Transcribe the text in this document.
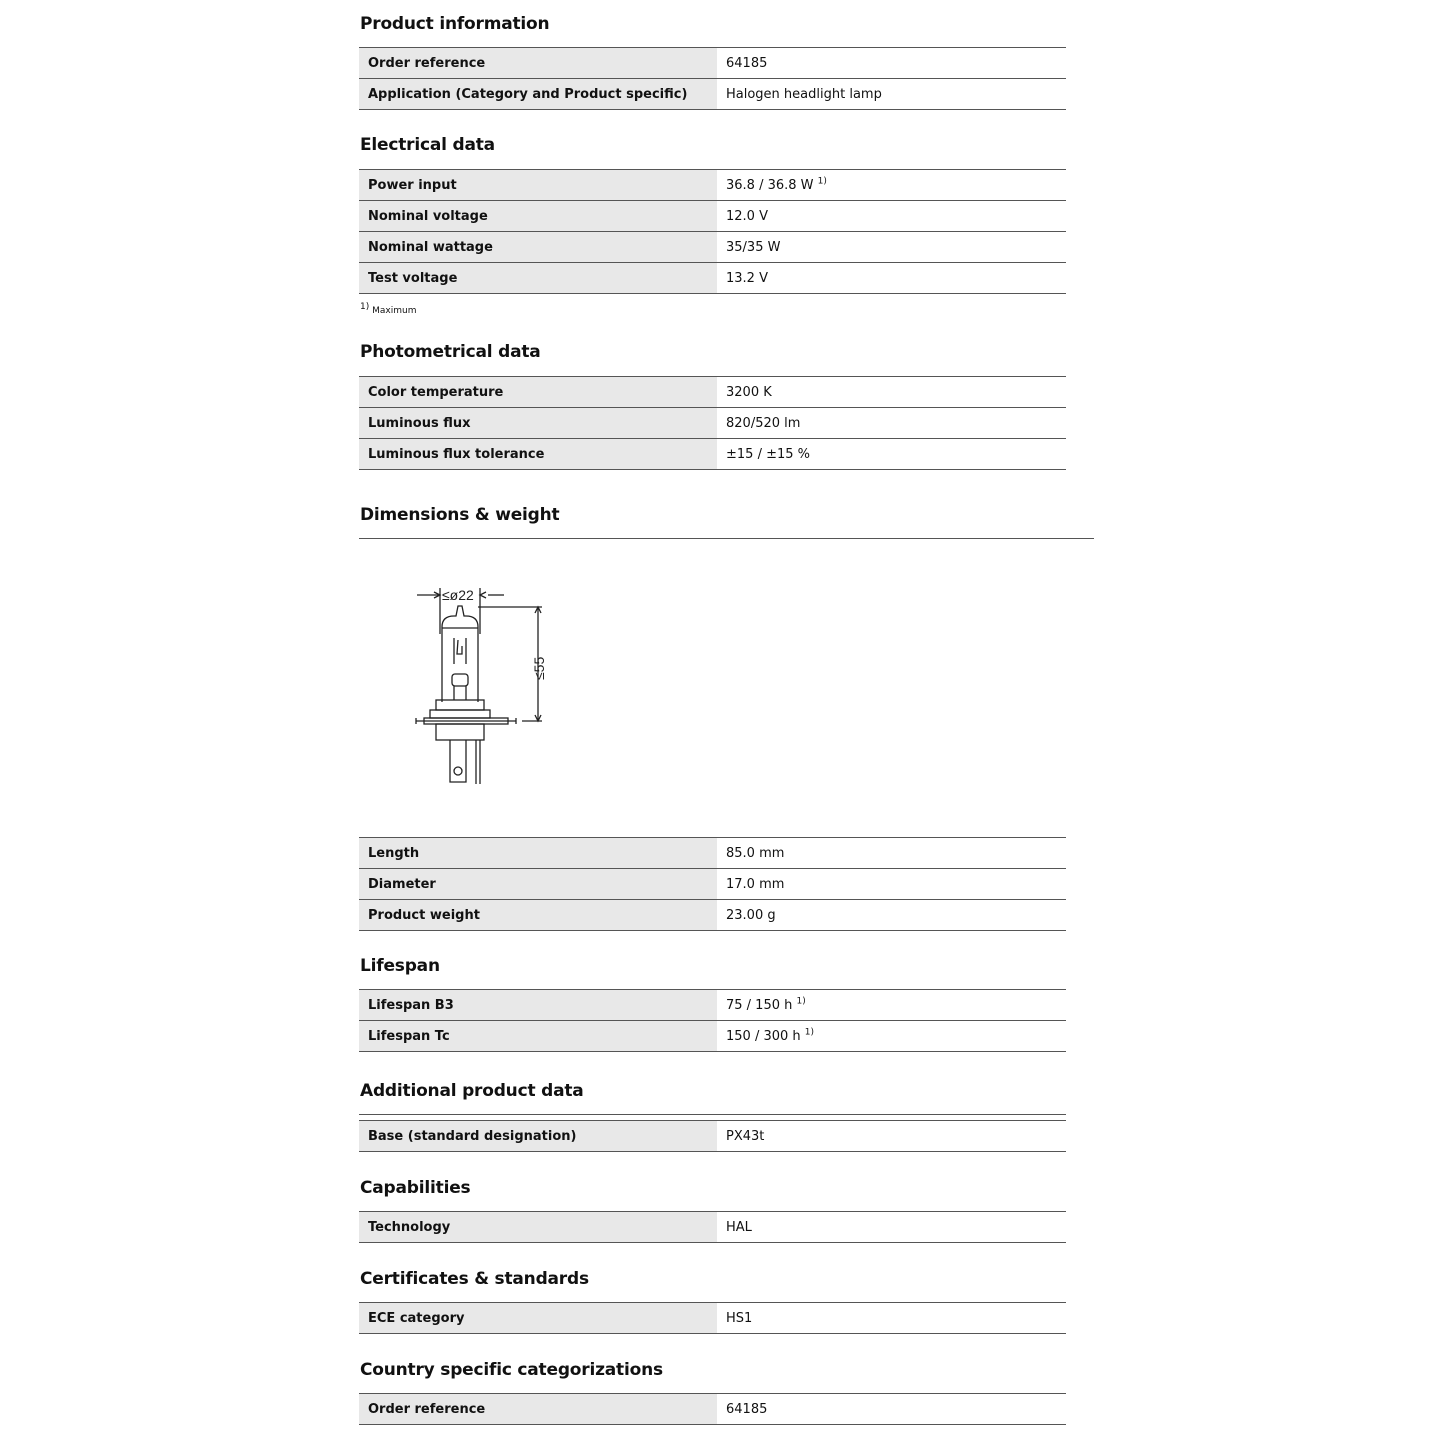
Product information
Order reference	64185
Application (Category and Product specific)	Halogen headlight lamp
Electrical data
Power input	36.8 / 36.8 W $^{1)}$
Nominal voltage	12.0 V
Nominal wattage	35/35 W
Test voltage	13.2 V
$^{1)}$ Maximum
Photometrical data
Color temperature	3200 K
Luminous flux	820/520 lm
Luminous flux tolerance	±15 / ±15 %
Dimensions & weight
≤ø22
≤55
Length	85.0 mm
Diameter	17.0 mm
Product weight	23.00 g
Lifespan
Lifespan B3	75 / 150 h $^{1)}$
Lifespan Tc	150 / 300 h $^{1)}$
Additional product data
Base (standard designation)	PX43t
Capabilities
Technology	HAL
Certificates & standards
ECE category	HS1
Country specific categorizations
Order reference	64185
